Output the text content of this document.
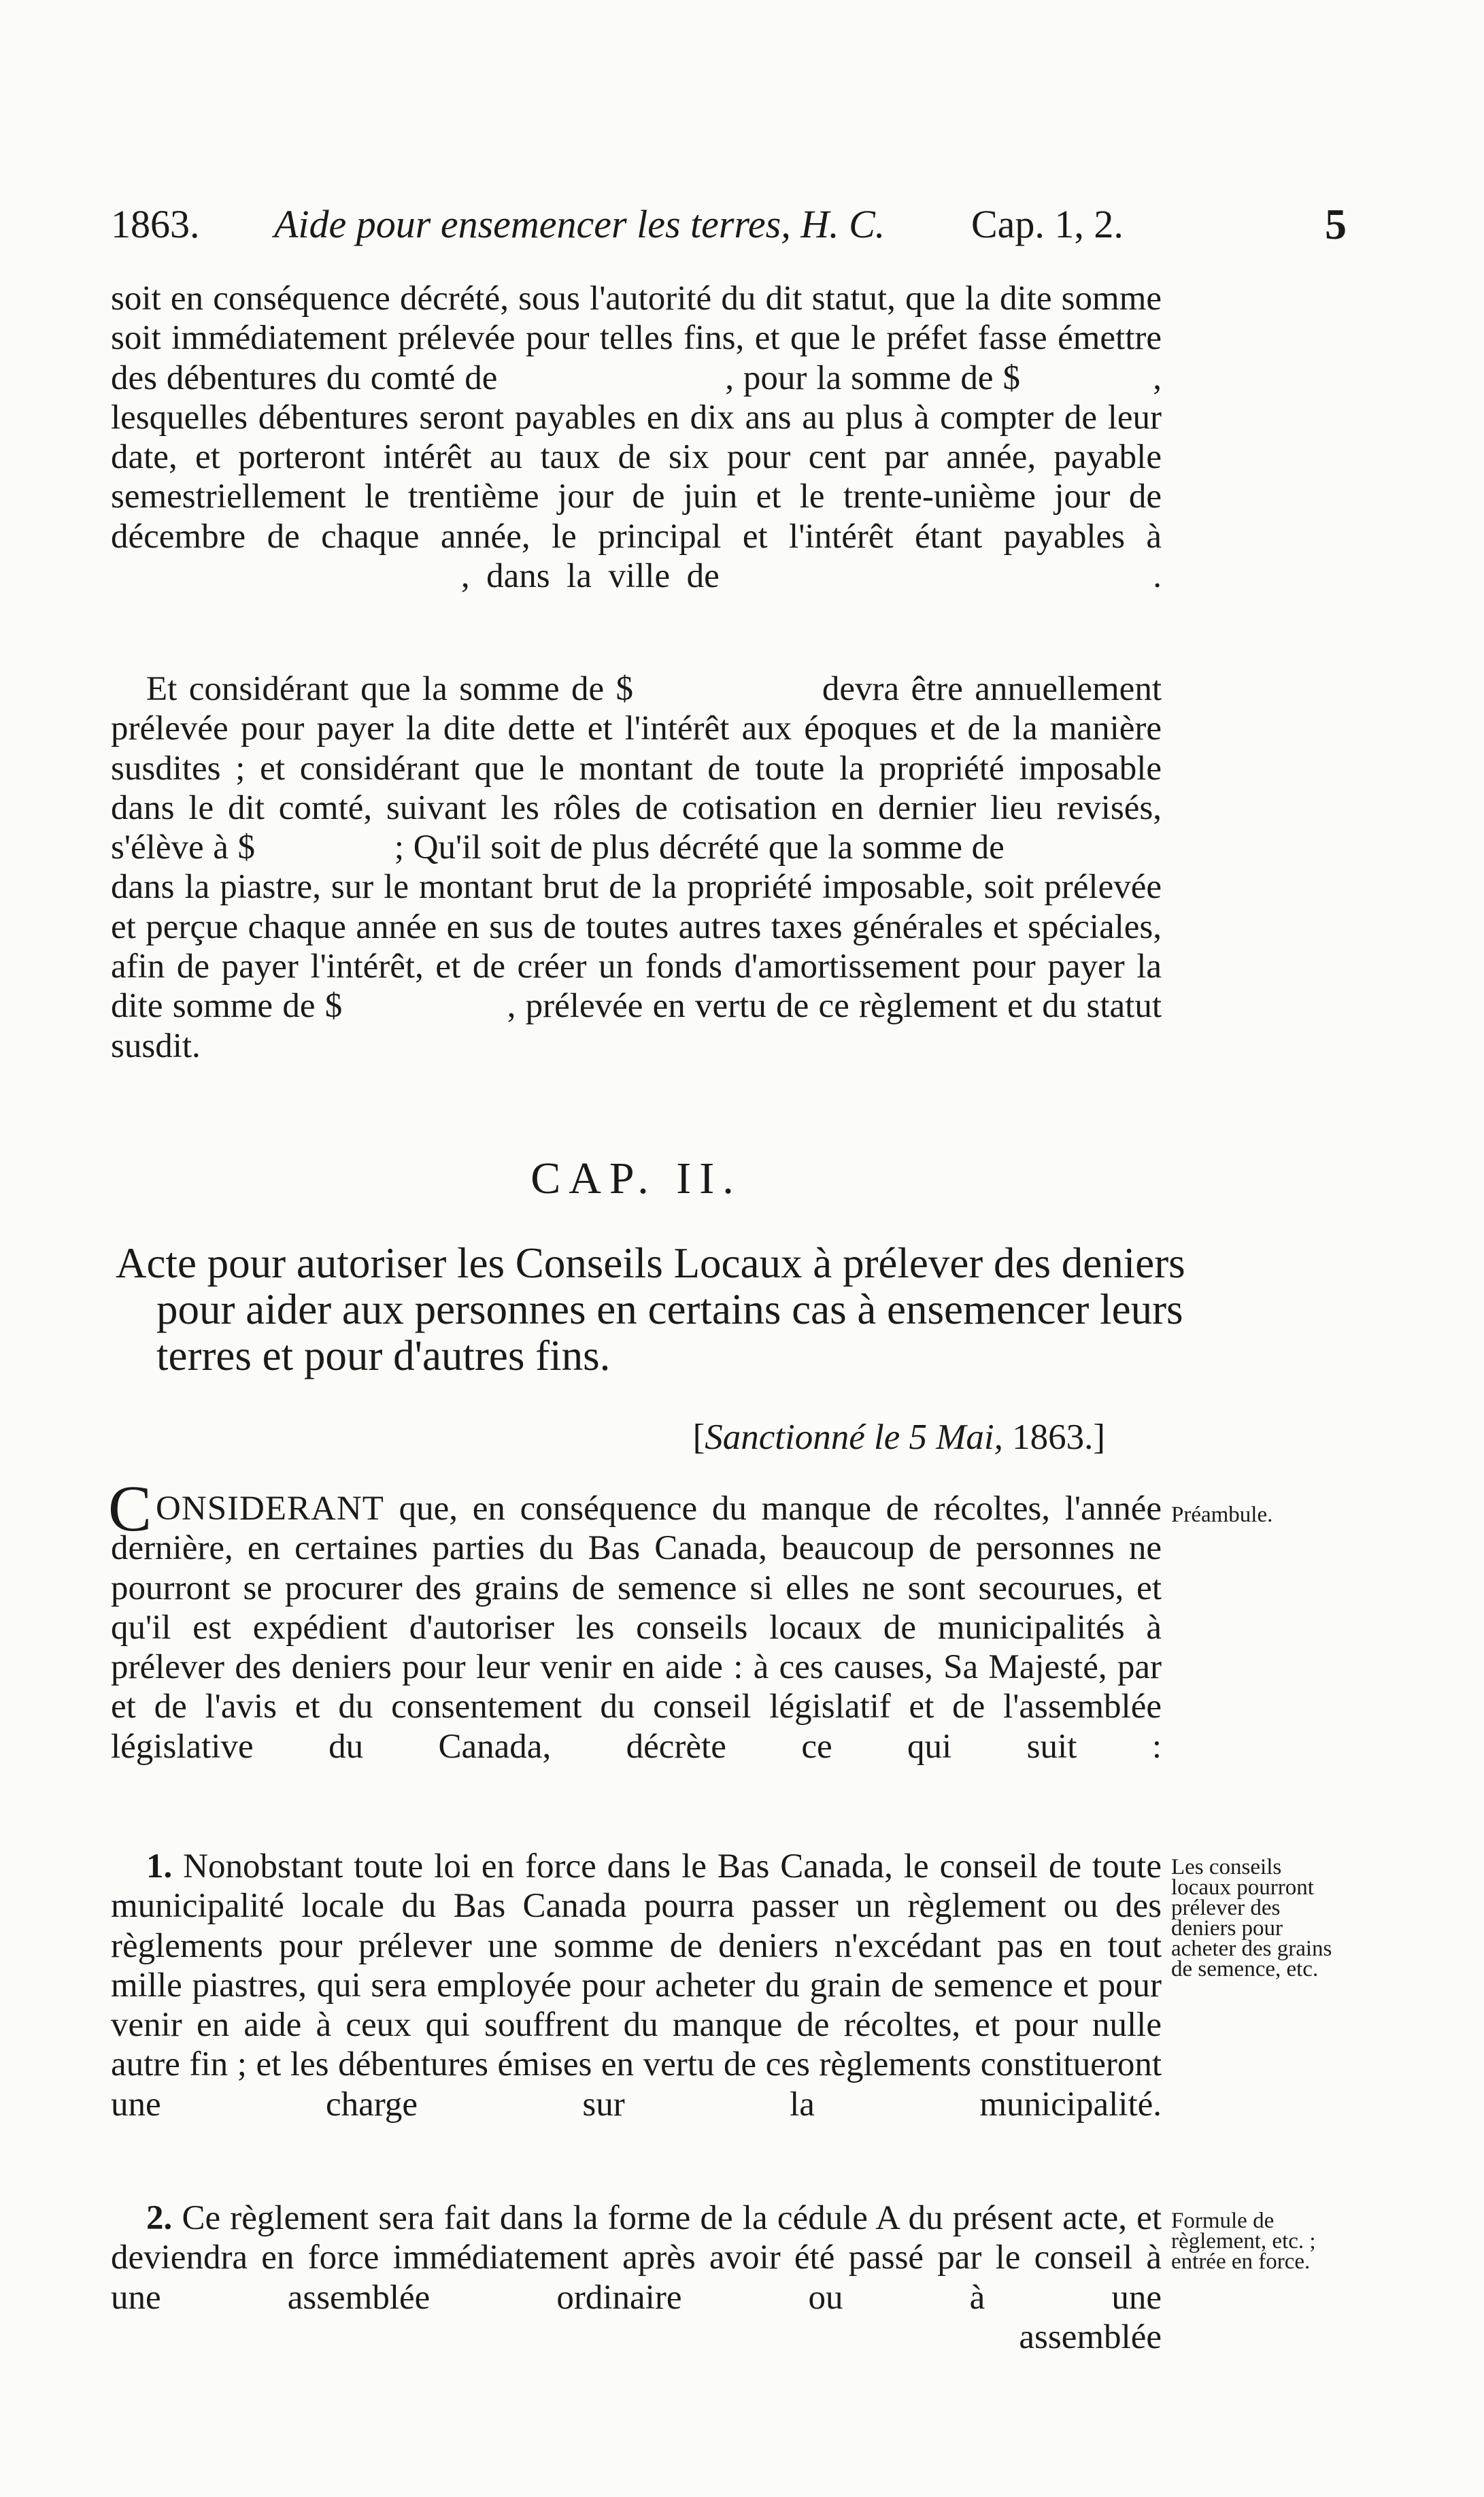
1863. Aide pour ensemencer les terres, H. C. Cap. 1, 2.	5

soit en conséquence décrété, sous l'autorité du dit statut, que la dite somme soit immédiatement prélevée pour telles fins, et que le préfet fasse émettre des débentures du comté de                        , pour la somme de $              , lesquelles débentures seront payables en dix ans au plus à compter de leur date, et porteront intérêt au taux de six pour cent par année, payable semestriellement le trentième jour de juin et le trente-unième jour de décembre de chaque année, le principal et l'intérêt étant payables à                      , dans la ville de                          .

Et considérant que la somme de $                devra être annuellement prélevée pour payer la dite dette et l'intérêt aux époques et de la manière susdites ; et considérant que le montant de toute la propriété imposable dans le dit comté, suivant les rôles de cotisation en dernier lieu revisés, s'élève à $               ; Qu'il soit de plus décrété que la somme de                  dans la piastre, sur le montant brut de la propriété imposable, soit prélevée et perçue chaque année en sus de toutes autres taxes générales et spéciales, afin de payer l'intérêt, et de créer un fonds d'amortissement pour payer la dite somme de $                 , prélevée en vertu de ce règlement et du statut susdit.

CAP. II.

Acte pour autoriser les Conseils Locaux à prélever des deniers pour aider aux personnes en certains cas à ensemencer leurs terres et pour d'autres fins.

[Sanctionné le 5 Mai, 1863.]

CONSIDERANT que, en conséquence du manque de récoltes, l'année dernière, en certaines parties du Bas Canada, beaucoup de personnes ne pourront se procurer des grains de semence si elles ne sont secourues, et qu'il est expédient d'autoriser les conseils locaux de municipalités à prélever des deniers pour leur venir en aide : à ces causes, Sa Majesté, par et de l'avis et du consentement du conseil législatif et de l'assemblée législative du Canada, décrète ce qui suit :

1. Nonobstant toute loi en force dans le Bas Canada, le conseil de toute municipalité locale du Bas Canada pourra passer un règlement ou des règlements pour prélever une somme de deniers n'excédant pas en tout mille piastres, qui sera employée pour acheter du grain de semence et pour venir en aide à ceux qui souffrent du manque de récoltes, et pour nulle autre fin ; et les débentures émises en vertu de ces règlements constitueront une charge sur la municipalité.

2. Ce règlement sera fait dans la forme de la cédule A du présent acte, et deviendra en force immédiatement après avoir été passé par le conseil à une assemblée ordinaire ou à une
assemblée

Préambule.
Les conseils locaux pourront prélever des deniers pour acheter des grains de semence, etc.
Formule de règlement, etc. ; entrée en force.
